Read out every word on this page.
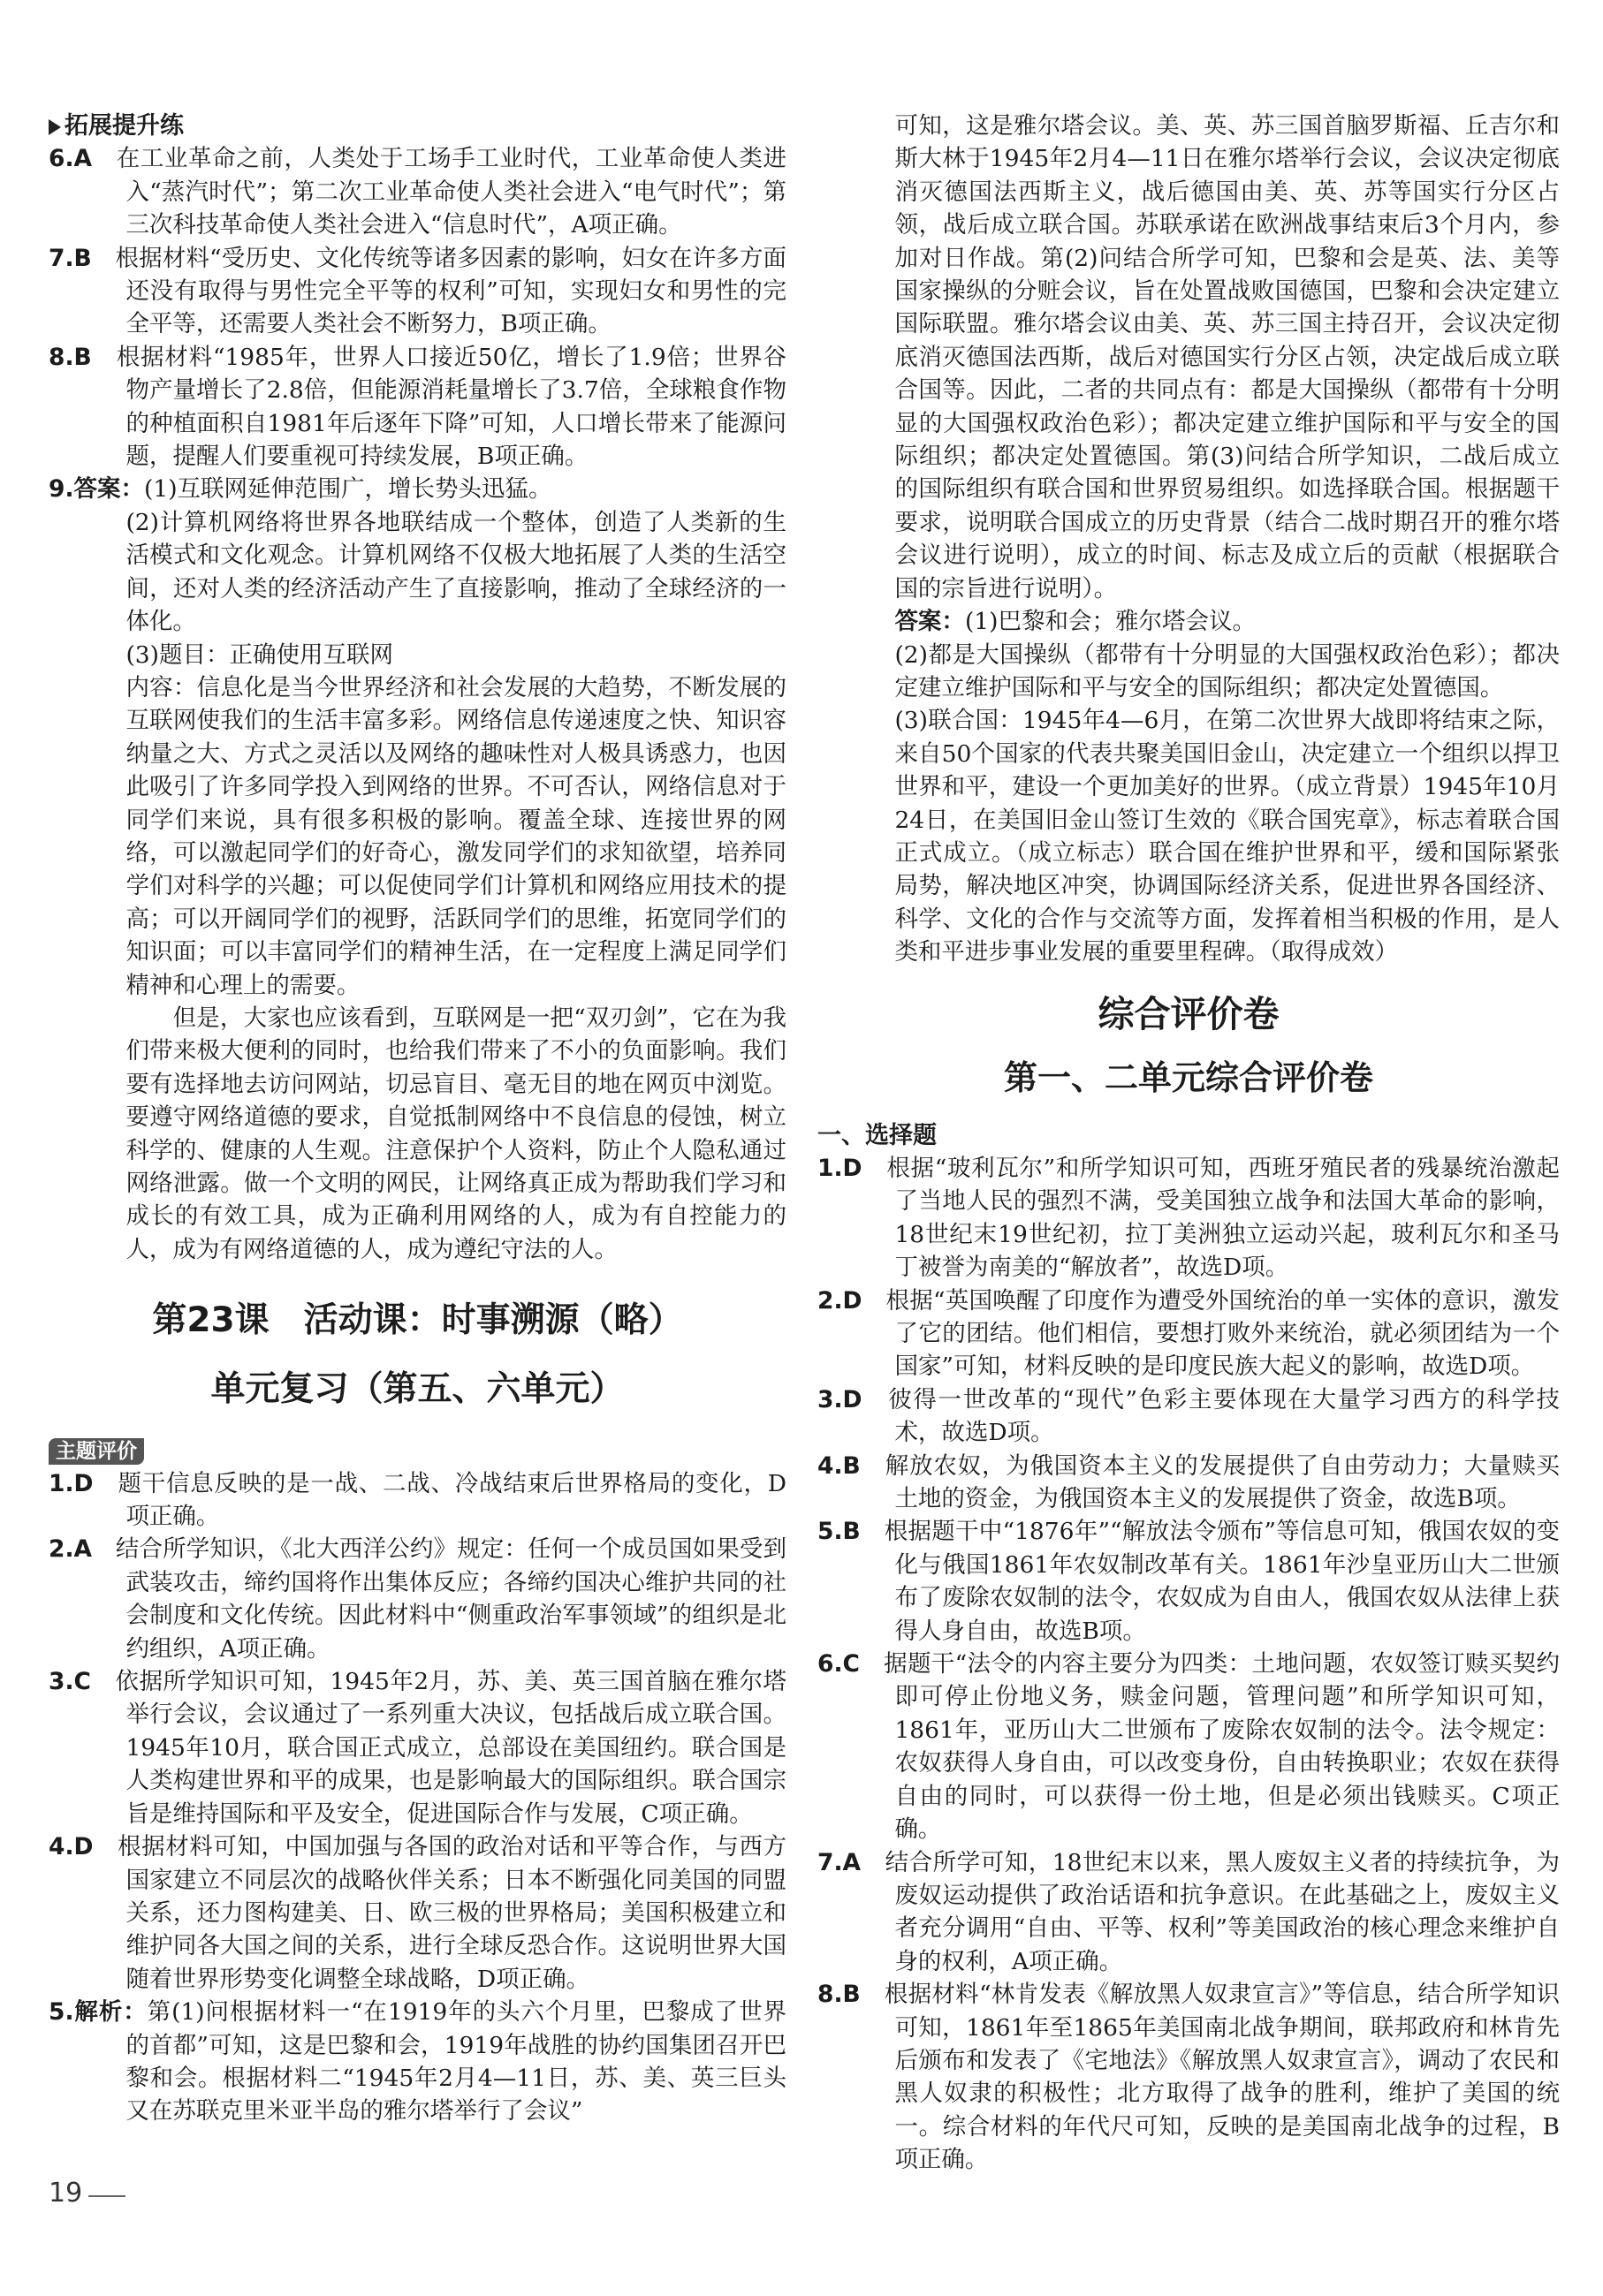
拓展提升练

6.A　 在工业革命之前，人类处于工场手工业时代，工业革命使人类进入“蒸汽时代”；第二次工业革命使人类社会进入“电气时代”；第三次科技革命使人类社会进入“信息时代”，A项正确。

7.B　 根据材料“受历史、文化传统等诸多因素的影响，妇女在许多方面还没有取得与男性完全平等的权利”可知，实现妇女和男性的完全平等，还需要人类社会不断努力，B项正确。

8.B　 根据材料“1985年，世界人口接近50亿，增长了1.9倍；世界谷物产量增长了2.8倍，但能源消耗量增长了3.7倍，全球粮食作物的种植面积自1981年后逐年下降”可知，人口增长带来了能源问题，提醒人们要重视可持续发展，B项正确。

9.答案：(1)互联网延伸范围广，增长势头迅猛。

(2)计算机网络将世界各地联结成一个整体，创造了人类新的生活模式和文化观念。计算机网络不仅极大地拓展了人类的生活空间，还对人类的经济活动产生了直接影响，推动了全球经济的一体化。

(3)题目：正确使用互联网

内容：信息化是当今世界经济和社会发展的大趋势，不断发展的互联网使我们的生活丰富多彩。网络信息传递速度之快、知识容纳量之大、方式之灵活以及网络的趣味性对人极具诱惑力，也因此吸引了许多同学投入到网络的世界。不可否认，网络信息对于同学们来说，具有很多积极的影响。覆盖全球、连接世界的网络，可以激起同学们的好奇心，激发同学们的求知欲望，培养同学们对科学的兴趣；可以促使同学们计算机和网络应用技术的提高；可以开阔同学们的视野，活跃同学们的思维，拓宽同学们的知识面；可以丰富同学们的精神生活，在一定程度上满足同学们精神和心理上的需要。

但是，大家也应该看到，互联网是一把“双刃剑”，它在为我们带来极大便利的同时，也给我们带来了不小的负面影响。我们要有选择地去访问网站，切忌盲目、毫无目的地在网页中浏览。要遵守网络道德的要求，自觉抵制网络中不良信息的侵蚀，树立科学的、健康的人生观。注意保护个人资料，防止个人隐私通过网络泄露。做一个文明的网民，让网络真正成为帮助我们学习和成长的有效工具，成为正确利用网络的人，成为有自控能力的人，成为有网络道德的人，成为遵纪守法的人。

第23课　活动课：时事溯源（略）
单元复习（第五、六单元）
主题评价

1.D　 题干信息反映的是一战、二战、冷战结束后世界格局的变化，D项正确。

2.A　 结合所学知识，《北大西洋公约》规定：任何一个成员国如果受到武装攻击，缔约国将作出集体反应；各缔约国决心维护共同的社会制度和文化传统。因此材料中“侧重政治军事领域”的组织是北约组织，A项正确。

3.C　 依据所学知识可知，1945年2月，苏、美、英三国首脑在雅尔塔举行会议，会议通过了一系列重大决议，包括战后成立联合国。1945年10月，联合国正式成立，总部设在美国纽约。联合国是人类构建世界和平的成果，也是影响最大的国际组织。联合国宗旨是维持国际和平及安全，促进国际合作与发展，C项正确。

4.D　 根据材料可知，中国加强与各国的政治对话和平等合作，与西方国家建立不同层次的战略伙伴关系；日本不断强化同美国的同盟关系，还力图构建美、日、欧三极的世界格局；美国积极建立和维护同各大国之间的关系，进行全球反恐合作。这说明世界大国随着世界形势变化调整全球战略，D项正确。

5.解析：第(1)问根据材料一“在1919年的头六个月里，巴黎成了世界的首都”可知，这是巴黎和会，1919年战胜的协约国集团召开巴黎和会。根据材料二“1945年2月4—11日，苏、美、英三巨头又在苏联克里米亚半岛的雅尔塔举行了会议”

可知，这是雅尔塔会议。美、英、苏三国首脑罗斯福、丘吉尔和斯大林于1945年2月4—11日在雅尔塔举行会议，会议决定彻底消灭德国法西斯主义，战后德国由美、英、苏等国实行分区占领，战后成立联合国。苏联承诺在欧洲战事结束后3个月内，参加对日作战。第(2)问结合所学可知，巴黎和会是英、法、美等国家操纵的分赃会议，旨在处置战败国德国，巴黎和会决定建立国际联盟。雅尔塔会议由美、英、苏三国主持召开，会议决定彻底消灭德国法西斯，战后对德国实行分区占领，决定战后成立联合国等。因此，二者的共同点有：都是大国操纵（都带有十分明显的大国强权政治色彩）；都决定建立维护国际和平与安全的国际组织；都决定处置德国。第(3)问结合所学知识，二战后成立的国际组织有联合国和世界贸易组织。如选择联合国。根据题干要求，说明联合国成立的历史背景（结合二战时期召开的雅尔塔会议进行说明），成立的时间、标志及成立后的贡献（根据联合国的宗旨进行说明）。

答案：(1)巴黎和会；雅尔塔会议。

(2)都是大国操纵（都带有十分明显的大国强权政治色彩）；都决定建立维护国际和平与安全的国际组织；都决定处置德国。

(3)联合国：1945年4—6月，在第二次世界大战即将结束之际，来自50个国家的代表共聚美国旧金山，决定建立一个组织以捍卫世界和平，建设一个更加美好的世界。（成立背景）1945年10月24日，在美国旧金山签订生效的《联合国宪章》，标志着联合国正式成立。（成立标志）联合国在维护世界和平，缓和国际紧张局势，解决地区冲突，协调国际经济关系，促进世界各国经济、科学、文化的合作与交流等方面，发挥着相当积极的作用，是人类和平进步事业发展的重要里程碑。（取得成效）

综合评价卷
第一、二单元综合评价卷

一、选择题

1.D　 根据“玻利瓦尔”和所学知识可知，西班牙殖民者的残暴统治激起了当地人民的强烈不满，受美国独立战争和法国大革命的影响，18世纪末19世纪初，拉丁美洲独立运动兴起，玻利瓦尔和圣马丁被誉为南美的“解放者”，故选D项。

2.D　 根据“英国唤醒了印度作为遭受外国统治的单一实体的意识，激发了它的团结。他们相信，要想打败外来统治，就必须团结为一个国家”可知，材料反映的是印度民族大起义的影响，故选D项。

3.D　 彼得一世改革的“现代”色彩主要体现在大量学习西方的科学技术，故选D项。

4.B　 解放农奴，为俄国资本主义的发展提供了自由劳动力；大量赎买土地的资金，为俄国资本主义的发展提供了资金，故选B项。

5.B　 根据题干中“1876年”“解放法令颁布”等信息可知，俄国农奴的变化与俄国1861年农奴制改革有关。1861年沙皇亚历山大二世颁布了废除农奴制的法令，农奴成为自由人，俄国农奴从法律上获得人身自由，故选B项。

6.C　 据题干“法令的内容主要分为四类：土地问题，农奴签订赎买契约即可停止份地义务，赎金问题，管理问题”和所学知识可知，1861年，亚历山大二世颁布了废除农奴制的法令。法令规定：农奴获得人身自由，可以改变身份，自由转换职业；农奴在获得自由的同时，可以获得一份土地，但是必须出钱赎买。C项正确。

7.A　 结合所学可知，18世纪末以来，黑人废奴主义者的持续抗争，为废奴运动提供了政治话语和抗争意识。在此基础之上，废奴主义者充分调用“自由、平等、权利”等美国政治的核心理念来维护自身的权利，A项正确。

8.B　 根据材料“林肯发表《解放黑人奴隶宣言》”等信息，结合所学知识可知，1861年至1865年美国南北战争期间，联邦政府和林肯先后颁布和发表了《宅地法》《解放黑人奴隶宣言》，调动了农民和黑人奴隶的积极性；北方取得了战争的胜利，维护了美国的统一。综合材料的年代尺可知，反映的是美国南北战争的过程，B项正确。

19
